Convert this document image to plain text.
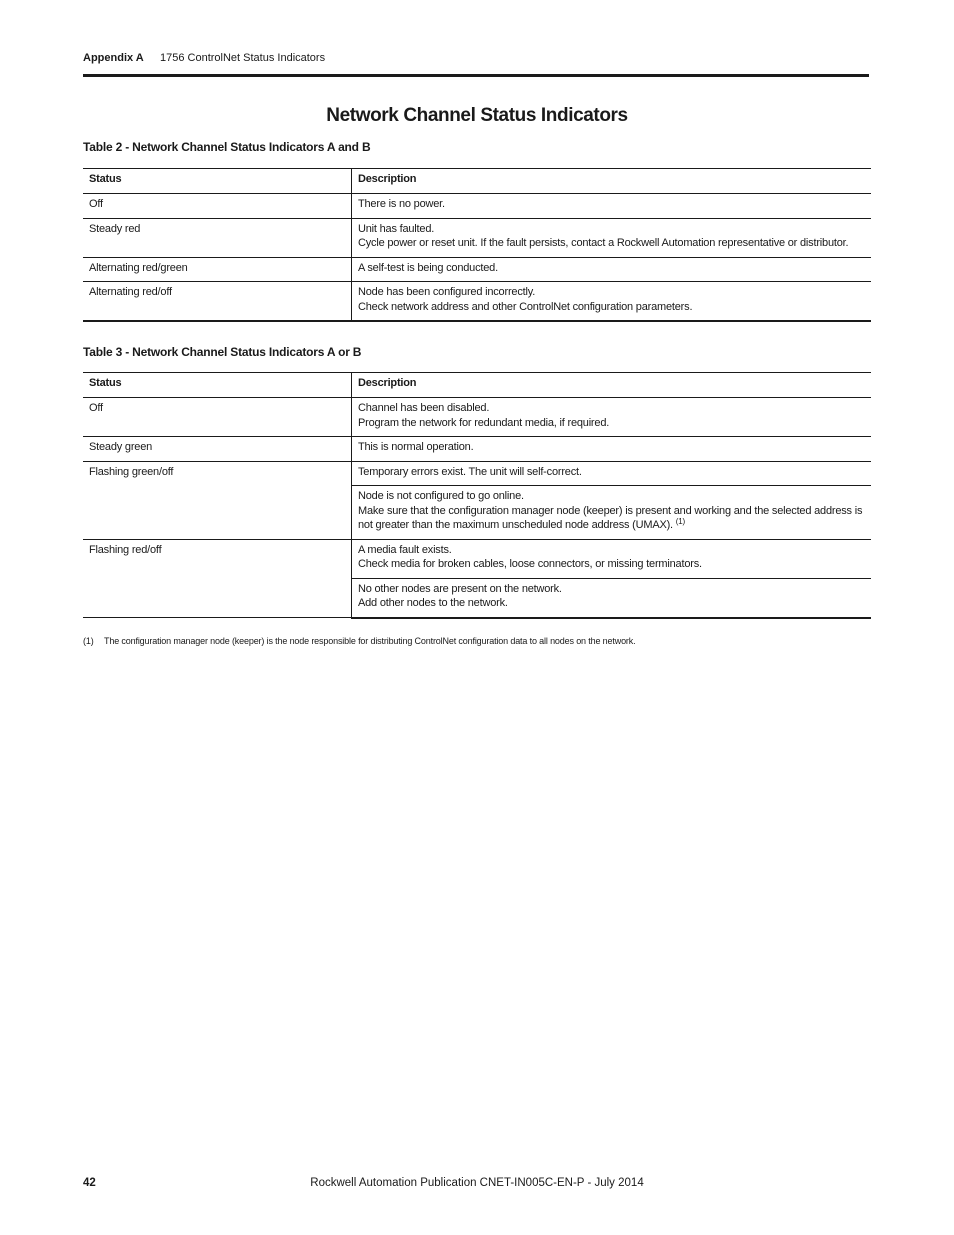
Appendix A 1756 ControlNet Status Indicators
Network Channel Status Indicators
Table 2 - Network Channel Status Indicators A and B
Status	Description
Off	There is no power.

Steady red	Unit has faulted.
Cycle power or reset unit. If the fault persists, contact a Rockwell Automation representative or distributor.

Alternating red/green	A self-test is being conducted.

Alternating red/off	Node has been configured incorrectly.
Check network address and other ControlNet configuration parameters.
Table 3 - Network Channel Status Indicators A or B
Status	Description
Off	Channel has been disabled.
Program the network for redundant media, if required.

Steady green	This is normal operation.

Flashing green/off	Temporary errors exist. The unit will self-correct.

	Node is not configured to go online.
Make sure that the configuration manager node (keeper) is present and working and the selected address is not greater than the maximum unscheduled node address (UMAX). $^{(1)}$

Flashing red/off	A media fault exists.
Check media for broken cables, loose connectors, or missing terminators.

	No other nodes are present on the network.
Add other nodes to the network.
(1) The configuration manager node (keeper) is the node responsible for distributing ControlNet configuration data to all nodes on the network.
42	Rockwell Automation Publication CNET-IN005C-EN-P - July 2014
